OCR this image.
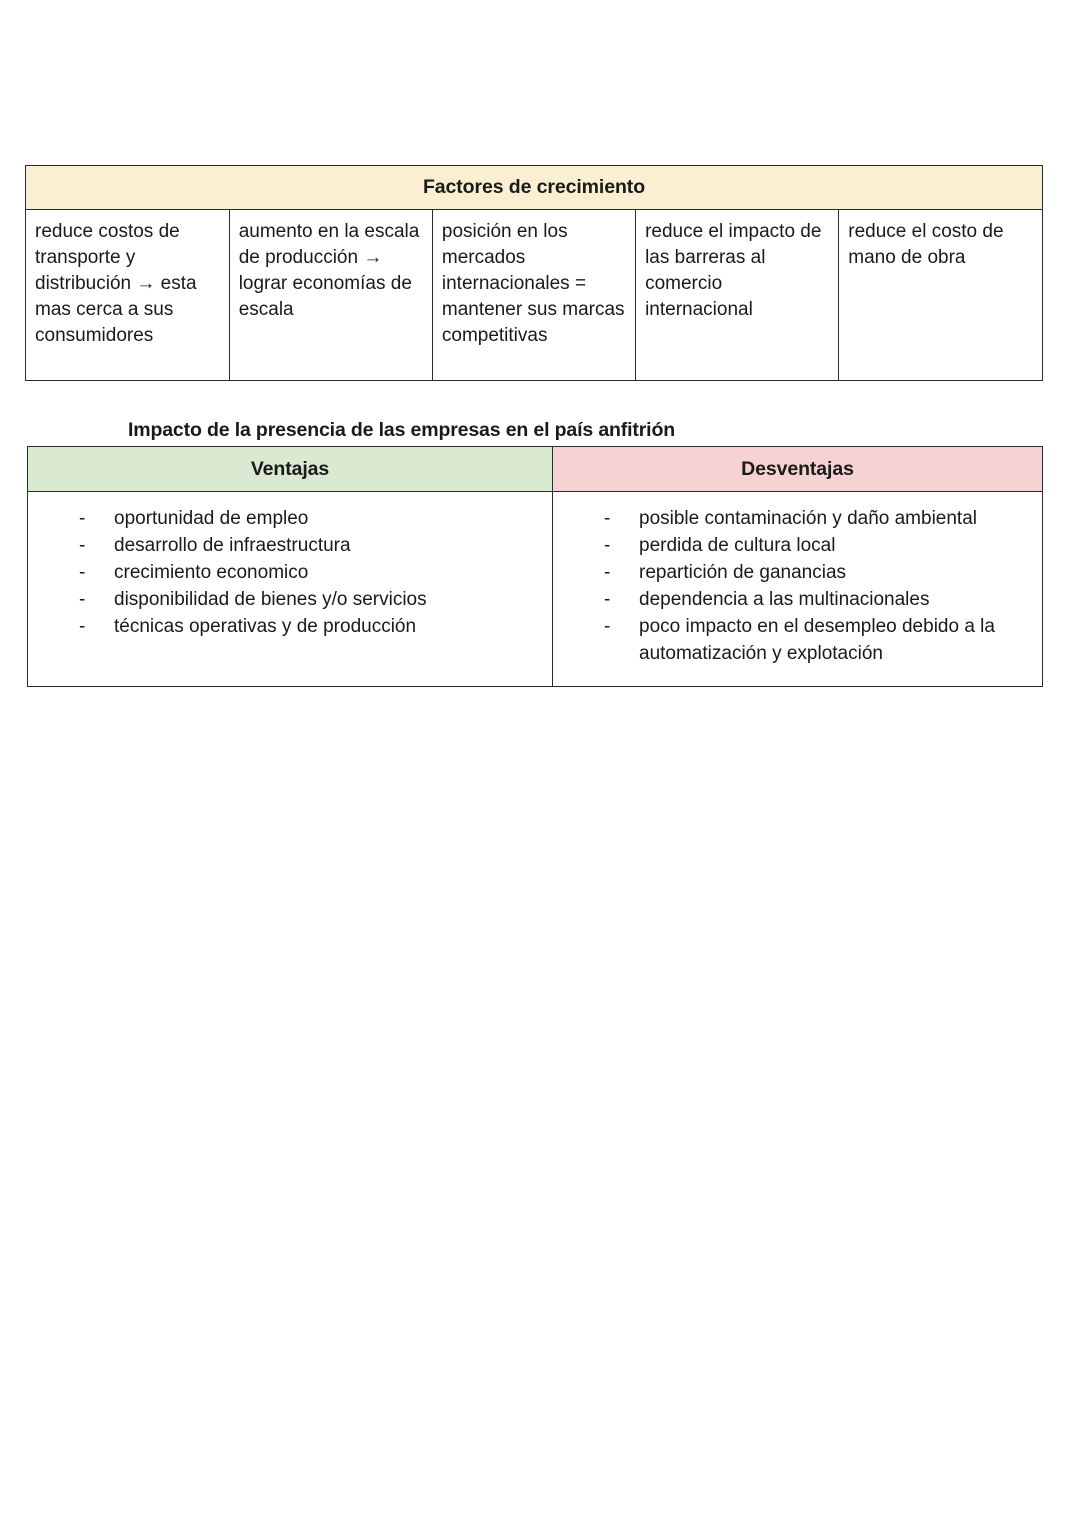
Factores de crecimiento
reduce costos de transporte y distribución → esta mas cerca a sus consumidores	aumento en la escala de producción → lograr economías de escala	posición en los mercados internacionales = mantener sus marcas competitivas	reduce el impacto de las barreras al comercio internacional	reduce el costo de mano de obra
Impacto de la presencia de las empresas en el país anfitrión
Ventajas	Desventajas

- oportunidad de empleo
- desarrollo de infraestructura
- crecimiento economico
- disponibilidad de bienes y/o servicios
- técnicas operativas y de producción

- posible contaminación y daño ambiental
- perdida de cultura local
- repartición de ganancias
- dependencia a las multinacionales
- poco impacto en el desempleo debido a la automatización y explotación
